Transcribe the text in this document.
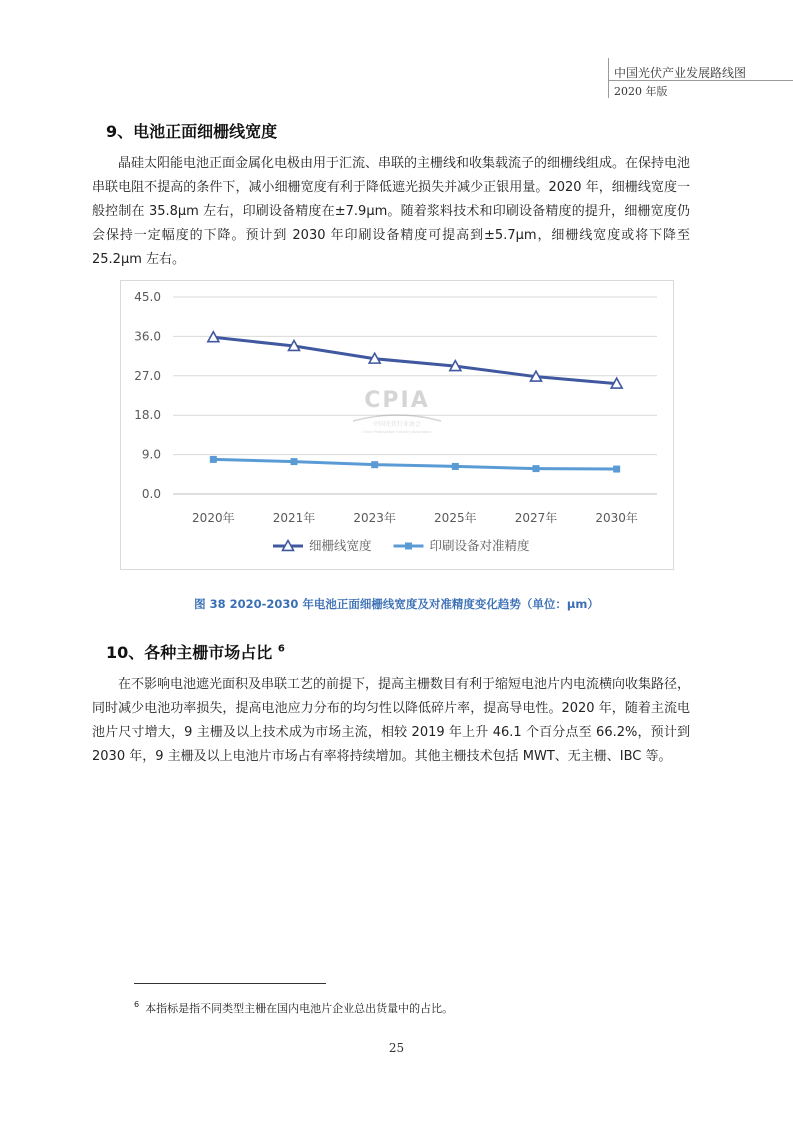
中国光伏产业发展路线图
2020 年版
9、电池正面细栅线宽度

晶硅太阳能电池正面金属化电极由用于汇流、串联的主栅线和收集载流子的细栅线组成。在保持电池串联电阻不提高的条件下，减小细栅宽度有利于降低遮光损失并减少正银用量。2020 年，细栅线宽度一般控制在 35.8μm 左右，印刷设备精度在±7.9μm。随着浆料技术和印刷设备精度的提升，细栅宽度仍会保持一定幅度的下降。预计到 2030 年印刷设备精度可提高到±5.7μm，细栅线宽度或将下降至 25.2μm 左右。

45.0
36.0
27.0
18.0
9.0
0.0
2020年	2021年	2023年	2025年	2027年	2030年
CPIA
中国光伏行业协会
China Photovoltaic Industry Association
细栅线宽度	印刷设备对准精度
图 38 2020-2030 年电池正面细栅线宽度及对准精度变化趋势（单位：μm）
10、各种主栅市场占比 $^6$

在不影响电池遮光面积及串联工艺的前提下，提高主栅数目有利于缩短电池片内电流横向收集路径，同时减少电池功率损失，提高电池应力分布的均匀性以降低碎片率，提高导电性。2020 年，随着主流电池片尺寸增大，9 主栅及以上技术成为市场主流，相较 2019 年上升 46.1 个百分点至 66.2%，预计到 2030 年，9 主栅及以上电池片市场占有率将持续增加。其他主栅技术包括 MWT、无主栅、IBC 等。

$^6$ 本指标是指不同类型主栅在国内电池片企业总出货量中的占比。
25
